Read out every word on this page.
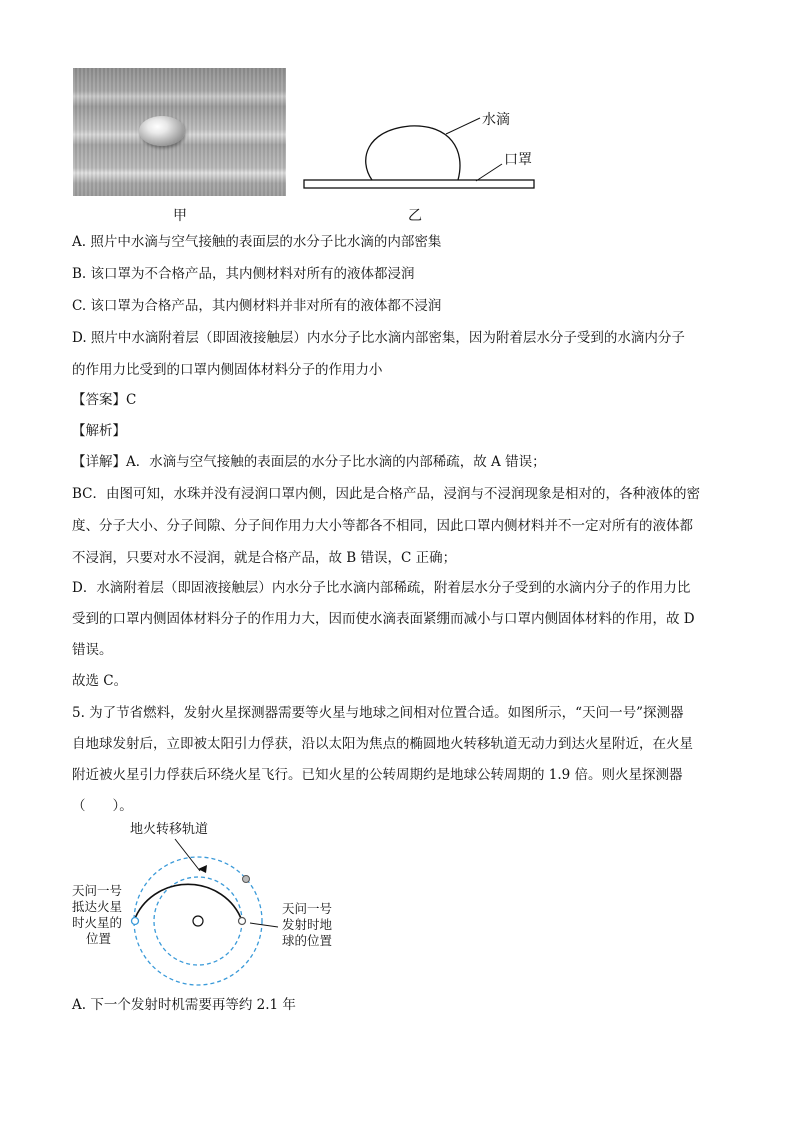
甲
水滴
口罩
乙
A. 照片中水滴与空气接触的表面层的水分子比水滴的内部密集
B. 该口罩为不合格产品，其内侧材料对所有的液体都浸润
C. 该口罩为合格产品，其内侧材料并非对所有的液体都不浸润
D. 照片中水滴附着层（即固液接触层）内水分子比水滴内部密集，因为附着层水分子受到的水滴内分子
的作用力比受到的口罩内侧固体材料分子的作用力小
【答案】C
【解析】
【详解】A．水滴与空气接触的表面层的水分子比水滴的内部稀疏，故 A 错误；
BC．由图可知，水珠并没有浸润口罩内侧，因此是合格产品，浸润与不浸润现象是相对的，各种液体的密
度、分子大小、分子间隙、分子间作用力大小等都各不相同，因此口罩内侧材料并不一定对所有的液体都
不浸润，只要对水不浸润，就是合格产品，故 B 错误，C 正确；
D．水滴附着层（即固液接触层）内水分子比水滴内部稀疏，附着层水分子受到的水滴内分子的作用力比
受到的口罩内侧固体材料分子的作用力大，因而使水滴表面紧绷而减小与口罩内侧固体材料的作用，故 D
错误。
故选 C。
5. 为了节省燃料，发射火星探测器需要等火星与地球之间相对位置合适。如图所示，“天问一号”探测器
自地球发射后，立即被太阳引力俘获，沿以太阳为焦点的椭圆地火转移轨道无动力到达火星附近，在火星
附近被火星引力俘获后环绕火星飞行。已知火星的公转周期约是地球公转周期的 1.9 倍。则火星探测器
（　　）。
地火转移轨道
天问一号
抵达火星
时火星的
位置
天问一号
发射时地
球的位置
A. 下一个发射时机需要再等约 2.1 年
